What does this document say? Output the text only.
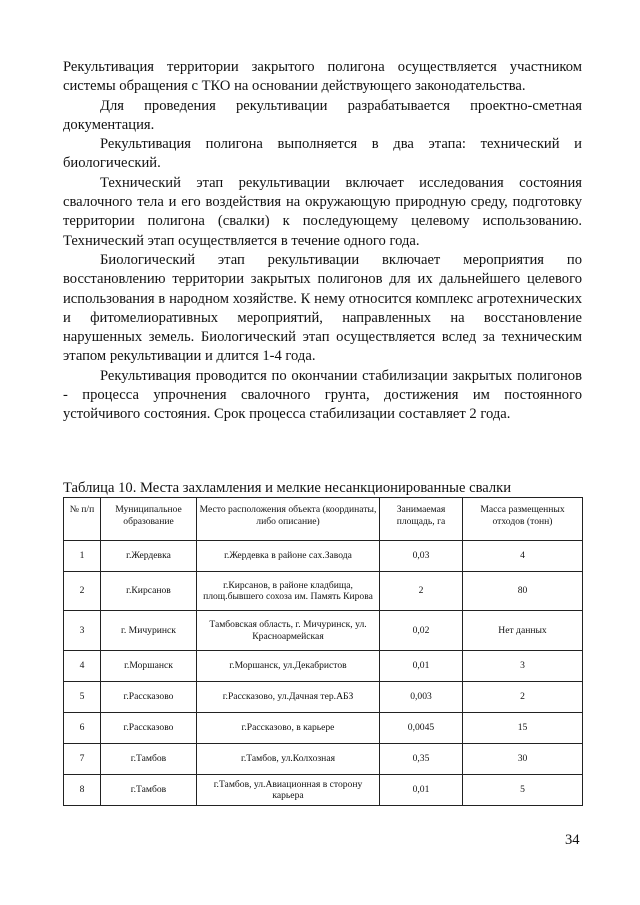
Рекультивация территории закрытого полигона осуществляется участником системы обращения с ТКО на основании действующего законодательства.

Для проведения рекультивации разрабатывается проектно-сметная документация.

Рекультивация полигона выполняется в два этапа: технический и биологический.

Технический этап рекультивации включает исследования состояния свалочного тела и его воздействия на окружающую природную среду, подготовку территории полигона (свалки) к последующему целевому использованию. Технический этап осуществляется в течение одного года.

Биологический этап рекультивации включает мероприятия по восстановлению территории закрытых полигонов для их дальнейшего целевого использования в народном хозяйстве. К нему относится комплекс агротехнических и фитомелиоративных мероприятий, направленных на восстановление нарушенных земель. Биологический этап осуществляется вслед за техническим этапом рекультивации и длится 1-4 года.

Рекультивация проводится по окончании стабилизации закрытых полигонов - процесса упрочнения свалочного грунта, достижения им постоянного устойчивого состояния. Срок процесса стабилизации составляет 2 года.

Таблица 10. Места захламления и мелкие несанкционированные свалки
№ п/п	Муниципальное образование	Место расположения объекта (координаты, либо описание)	Занимаемая площадь, га	Масса размещенных отходов (тонн)
1	г.Жердевка	г.Жердевка в районе сах.Завода	0,03	4
2	г.Кирсанов	г.Кирсанов, в районе кладбища, площ.бывшего сохоза им. Память Кирова	2	80
3	г. Мичуринск	Тамбовская область, г. Мичуринск, ул. Красноармейская	0,02	Нет данных
4	г.Моршанск	г.Моршанск, ул.Декабристов	0,01	3
5	г.Рассказово	г.Рассказово, ул.Дачная тер.АБЗ	0,003	2
6	г.Рассказово	г.Рассказово, в карьере	0,0045	15
7	г.Тамбов	г.Тамбов, ул.Колхозная	0,35	30
8	г.Тамбов	г.Тамбов, ул.Авиационная в сторону карьера	0,01	5
34
